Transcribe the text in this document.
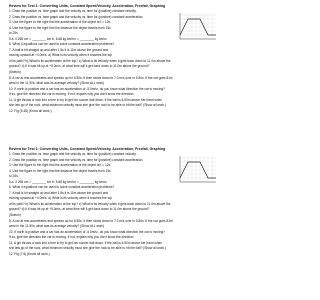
Review for Test 1: Converting Units, Constant Speed/Velocity, Acceleration, Freefall, Graphing
1. Draw the position vs. time graph and the velocity vs. time for (positive) constant velocity.
2. Draw the position vs. time graph and the velocity vs. time for (positive) constant acceleration.
3. Use the figure to the right find the acceleration of the object at t = 12s.
4. Use the figure to the right find the distance the object travels from 15s
to 25s.
5.a. 0.265 cm = ________ km b. 6.68 kg km/hr² = ________ kg km/s²
6. What 4 equations can be used to solve constant acceleration problems?
7. A ball is hit straight up and after 1.5s it is 11m above the ground and
moving upward at +4.0m/s. a) What is its velocity when it reaches the top
of its path? b) What is its acceleration at the top? c) What is its velocity when it gets back down to 11.0m above the
ground? d) If it was hit up at +5.0m/s, at what time will it get back down to 11.0m above the ground?
(Sketch)
8. A car at rest accelerates and speeds up for 6.50s. It then slows down to 7.0 m/s over in 5.80s. If the car goes 81m
west in the 11.50s, what was its average velocity? (Show ALL work)
10. If north is positive and a car has an acceleration of -5.0m/s², do you know what direction the car is moving?
If so, give the direction the car is moving. If not, explain why you don't know the direction.
11. A girl throws a rock into a tree to try to get her soccer ball down. If the ball is 6.50m above her hand when
she lets go of the rock, what minimum velocity must she give the rock to be able to hit the ball? (Show all work.)
12. Fig (5.48) (Know all work.)
Review for Test 1: Converting Units, Constant Speed/Velocity, Acceleration, Freefall, Graphing
1. Draw the position vs. time graph and the velocity vs. time for (positive) constant velocity.
2. Draw the position vs. time graph and the velocity vs. time for (positive) constant acceleration.
3. Use the figure to the right find the acceleration of the object at t = 12s.
4. Use the figure to the right find the distance the object travels from 15s
to 25s.
5.a. 0.265 cm = ________ km b. 6.68 kg km/hr² = ________ kg km/s²
6. What 4 equations can be used to solve constant acceleration problems?
7. A ball is hit straight up and after 1.5s it is 11m above the ground and
moving upward at +4.0m/s. a) What is its velocity when it reaches the top
of its path? b) What is its acceleration at the top? c) What is its velocity when it gets back down to 11.0m above the
ground? d) If it was hit up at +5.0m/s, at what time will it get back down to 11.0m above the ground?
(Sketch)
8. A car at rest accelerates and speeds up for 6.50s. It then slows down to 7.0 m/s over in 5.80s. If the car goes 81m
west in the 11.50s, what was its average velocity? (Show ALL work)
10. If north is positive and a car has an acceleration of -5.0m/s², do you know what direction the car is moving?
If so, give the direction the car is moving. If not, explain why you don't know the direction.
11. A girl throws a rock into a tree to try to get her soccer ball down. If the ball is 6.50m above her hand when
she lets go of the rock, what minimum velocity must she give the rock to be able to hit the ball? (Show all work.)
12. Fig (7.6) (Know all work.)
